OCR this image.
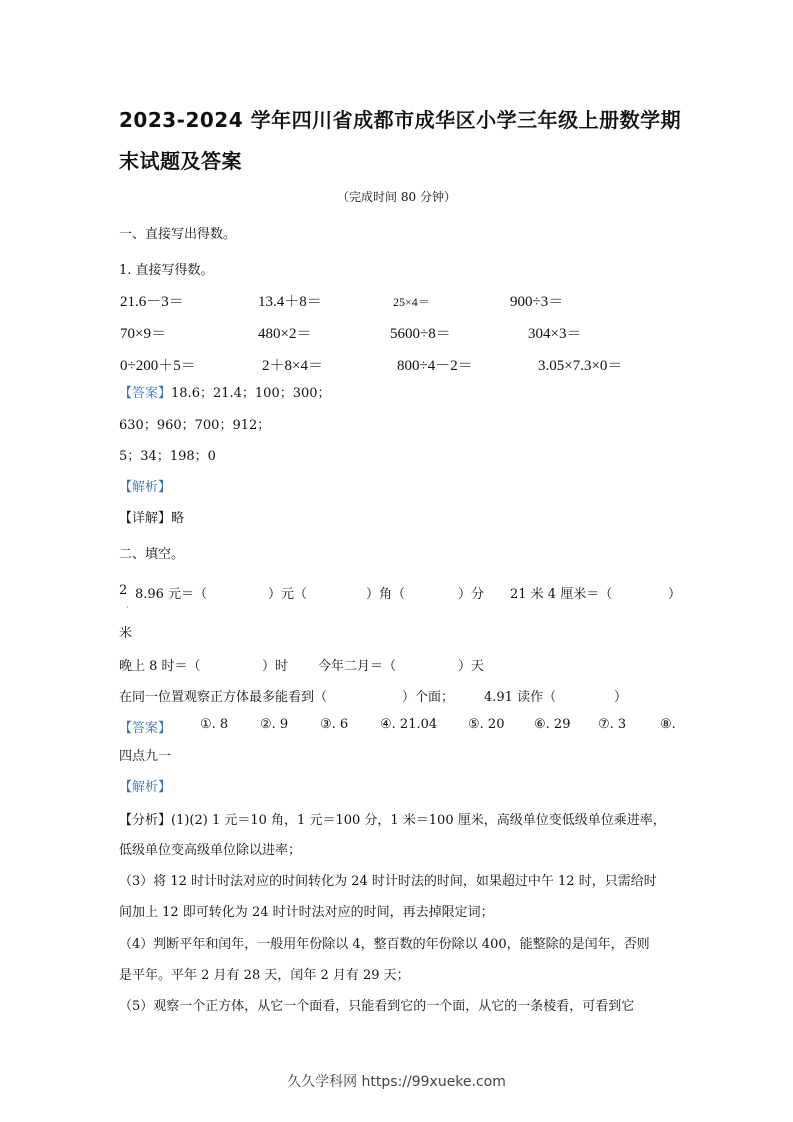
2023-2024 学年四川省成都市成华区小学三年级上册数学期
末试题及答案
（完成时间 80 分钟）
一、直接写出得数。
1. 直接写得数。
21.6－3＝	13.4＋8＝	25×4＝	900÷3＝
70×9＝	480×2＝	5600÷8＝	304×3＝
0÷200＋5＝	2＋8×4＝	800÷4－2＝	3.05×7.3×0＝
【答案】18.6；21.4；100；300；
630；960；700；912；
5；34；198；0
【解析】
【详解】略
二、填空。
2
·
8.96 元＝（	）元（	）角（	）分 21 米 4 厘米＝（	）
米
晚上 8 时＝（	）时 今年二月＝（	）天
在同一位置观察正方体最多能看到（	）个面； 4.91 读作（	）
【答案】 ①. 8 ②. 9 ③. 6 ④. 21.04 ⑤. 20 ⑥. 29 ⑦. 3	⑧.
四点九一
【解析】
【分析】(1)(2) 1 元＝10 角，1 元＝100 分，1 米＝100 厘米，高级单位变低级单位乘进率，
低级单位变高级单位除以进率；
（3）将 12 时计时法对应的时间转化为 24 时计时法的时间，如果超过中午 12 时，只需给时
间加上 12 即可转化为 24 时计时法对应的时间，再去掉限定词；
（4）判断平年和闰年，一般用年份除以 4，整百数的年份除以 400，能整除的是闰年，否则
是平年。平年 2 月有 28 天，闰年 2 月有 29 天；
（5）观察一个正方体，从它一个面看，只能看到它的一个面，从它的一条棱看，可看到它
久久学科网 https://99xueke.com
